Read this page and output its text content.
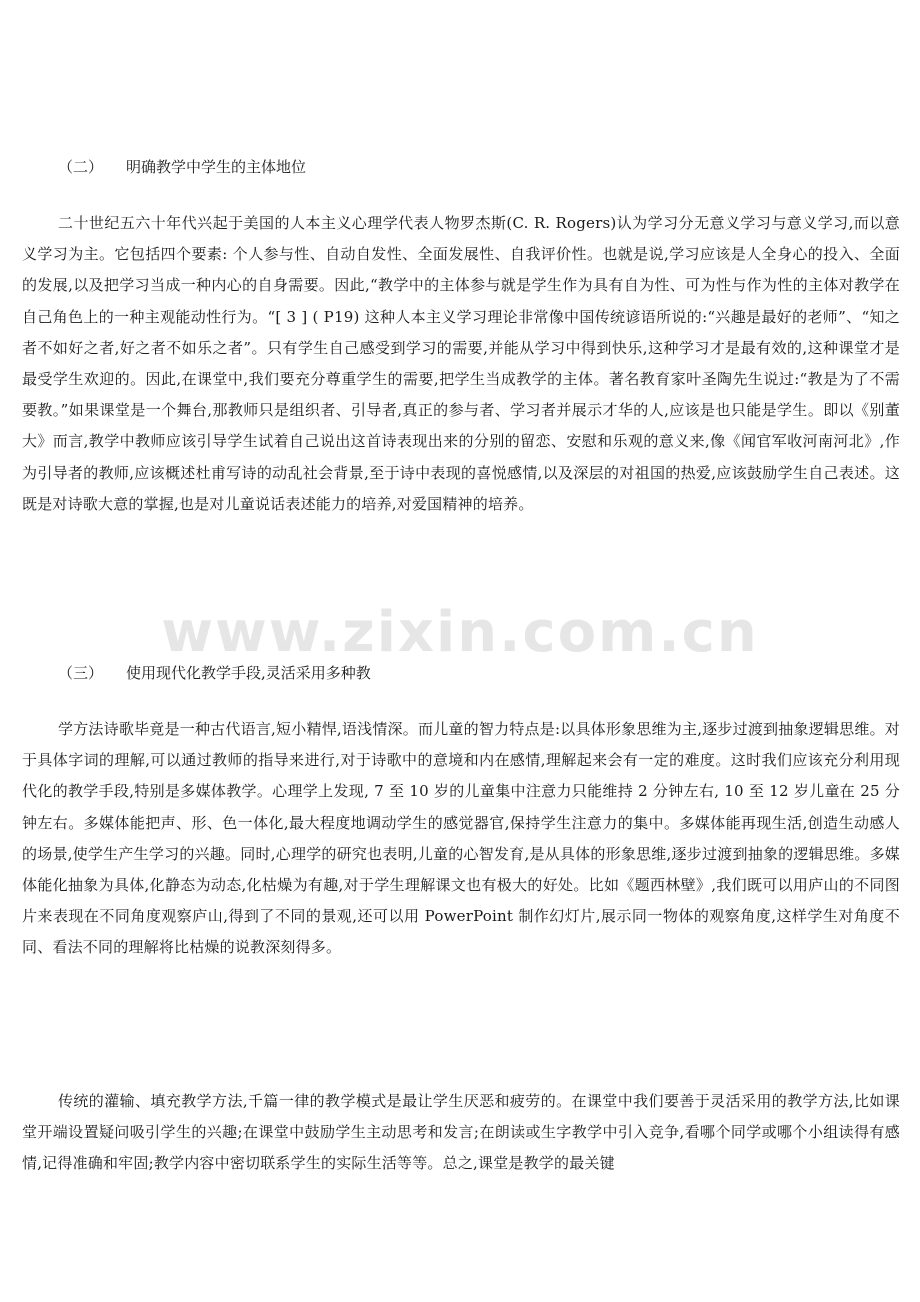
（二） 明确教学中学生的主体地位

二十世纪五六十年代兴起于美国的人本主义心理学代表人物罗杰斯(C. R. Rogers)认为学习分无意义学习与意义学习,而以意义学习为主。它包括四个要素: 个人参与性、自动自发性、全面发展性、自我评价性。也就是说,学习应该是人全身心的投入、全面的发展,以及把学习当成一种内心的自身需要。因此,“教学中的主体参与就是学生作为具有自为性、可为性与作为性的主体对教学在自己角色上的一种主观能动性行为。“[ 3 ] ( P19) 这种人本主义学习理论非常像中国传统谚语所说的:“兴趣是最好的老师”、“知之者不如好之者,好之者不如乐之者”。只有学生自己感受到学习的需要,并能从学习中得到快乐,这种学习才是最有效的,这种课堂才是最受学生欢迎的。因此,在课堂中,我们要充分尊重学生的需要,把学生当成教学的主体。著名教育家叶圣陶先生说过:“教是为了不需要教。”如果课堂是一个舞台,那教师只是组织者、引导者,真正的参与者、学习者并展示才华的人,应该是也只能是学生。即以《别董大》而言,教学中教师应该引导学生试着自己说出这首诗表现出来的分别的留恋、安慰和乐观的意义来,像《闻官军收河南河北》,作为引导者的教师,应该概述杜甫写诗的动乱社会背景,至于诗中表现的喜悦感情,以及深层的对祖国的热爱,应该鼓励学生自己表述。这既是对诗歌大意的掌握,也是对儿童说话表述能力的培养,对爱国精神的培养。

www.zixin.com.cn
（三） 使用现代化教学手段,灵活采用多种教

学方法诗歌毕竟是一种古代语言,短小精悍,语浅情深。而儿童的智力特点是:以具体形象思维为主,逐步过渡到抽象逻辑思维。对于具体字词的理解,可以通过教师的指导来进行,对于诗歌中的意境和内在感情,理解起来会有一定的难度。这时我们应该充分利用现代化的教学手段,特别是多媒体教学。心理学上发现, 7 至 10 岁的儿童集中注意力只能维持 2 分钟左右, 10 至 12 岁儿童在 25 分钟左右。多媒体能把声、形、色一体化,最大程度地调动学生的感觉器官,保持学生注意力的集中。多媒体能再现生活,创造生动感人的场景,使学生产生学习的兴趣。同时,心理学的研究也表明,儿童的心智发育,是从具体的形象思维,逐步过渡到抽象的逻辑思维。多媒体能化抽象为具体,化静态为动态,化枯燥为有趣,对于学生理解课文也有极大的好处。比如《题西林壁》,我们既可以用庐山的不同图片来表现在不同角度观察庐山,得到了不同的景观,还可以用 PowerPoint 制作幻灯片,展示同一物体的观察角度,这样学生对角度不同、看法不同的理解将比枯燥的说教深刻得多。

传统的灌输、填充教学方法,千篇一律的教学模式是最让学生厌恶和疲劳的。在课堂中我们要善于灵活采用的教学方法,比如课堂开端设置疑问吸引学生的兴趣;在课堂中鼓励学生主动思考和发言;在朗读或生字教学中引入竞争,看哪个同学或哪个小组读得有感情,记得准确和牢固;教学内容中密切联系学生的实际生活等等。总之,课堂是教学的最关键
